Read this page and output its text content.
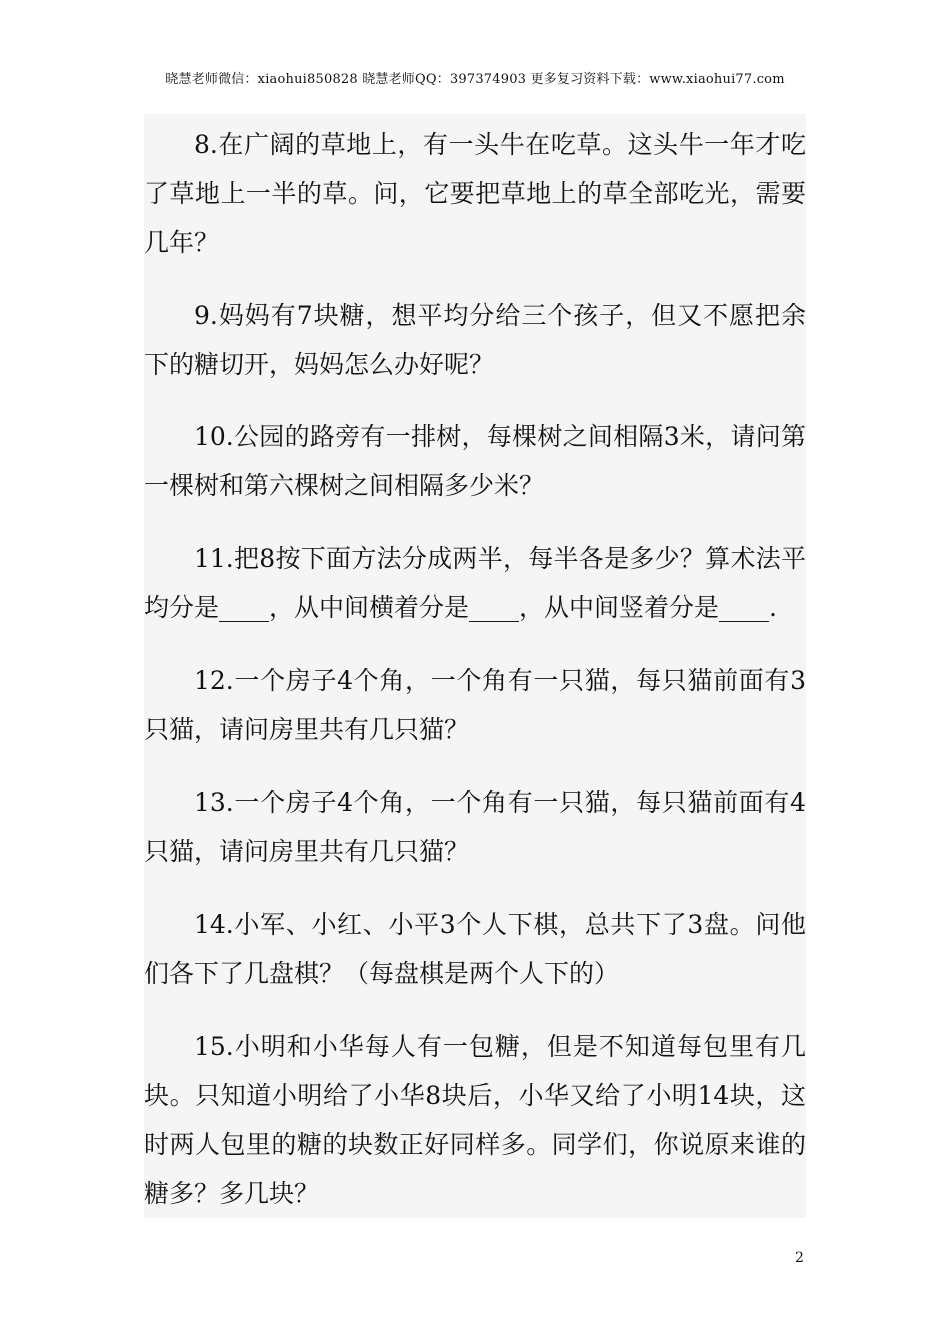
晓慧老师微信：xiaohui850828 晓慧老师QQ：397374903 更多复习资料下载：www.xiaohui77.com

8.在广阔的草地上，有一头牛在吃草。这头牛一年才吃了草地上一半的草。问，它要把草地上的草全部吃光，需要几年？

9.妈妈有7块糖，想平均分给三个孩子，但又不愿把余下的糖切开，妈妈怎么办好呢？

10.公园的路旁有一排树，每棵树之间相隔3米，请问第一棵树和第六棵树之间相隔多少米？

11.把8按下面方法分成两半，每半各是多少？算术法平均分是____，从中间横着分是____，从中间竖着分是____.

12.一个房子4个角，一个角有一只猫，每只猫前面有3只猫，请问房里共有几只猫？

13.一个房子4个角，一个角有一只猫，每只猫前面有4只猫，请问房里共有几只猫？

14.小军、小红、小平3个人下棋，总共下了3盘。问他们各下了几盘棋？（每盘棋是两个人下的）

15.小明和小华每人有一包糖，但是不知道每包里有几块。只知道小明给了小华8块后，小华又给了小明14块，这时两人包里的糖的块数正好同样多。同学们，你说原来谁的糖多？多几块？

2
